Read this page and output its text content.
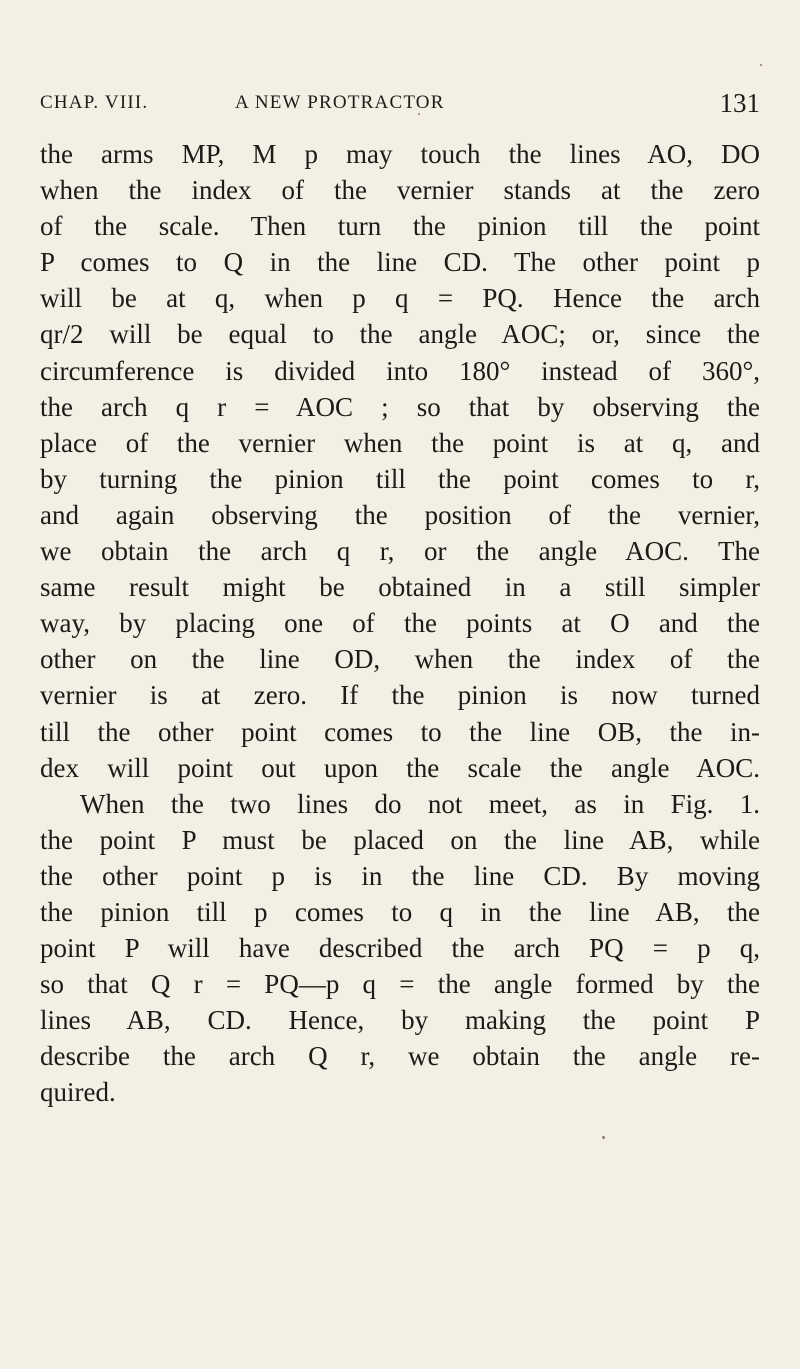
CHAP. VIII.	A NEW PROTRACTOR	131
the arms MP, M p may touch the lines AO, DO
when the index of the vernier stands at the zero
of the scale. Then turn the pinion till the point
P comes to Q in the line CD. The other point p
will be at q, when p q = PQ. Hence the arch
qr/2 will be equal to the angle AOC; or, since the
circumference is divided into 180° instead of 360°,
the arch q r = AOC ; so that by observing the
place of the vernier when the point is at q, and
by turning the pinion till the point comes to r,
and again observing the position of the vernier,
we obtain the arch q r, or the angle AOC. The
same result might be obtained in a still simpler
way, by placing one of the points at O and the
other on the line OD, when the index of the
vernier is at zero. If the pinion is now turned
till the other point comes to the line OB, the in-
dex will point out upon the scale the angle AOC.
When the two lines do not meet, as in Fig. 1.
the point P must be placed on the line AB, while
the other point p is in the line CD. By moving
the pinion till p comes to q in the line AB, the
point P will have described the arch PQ = p q,
so that Q r = PQ—p q = the angle formed by the
lines AB, CD. Hence, by making the point P
describe the arch Q r, we obtain the angle re-
quired.
